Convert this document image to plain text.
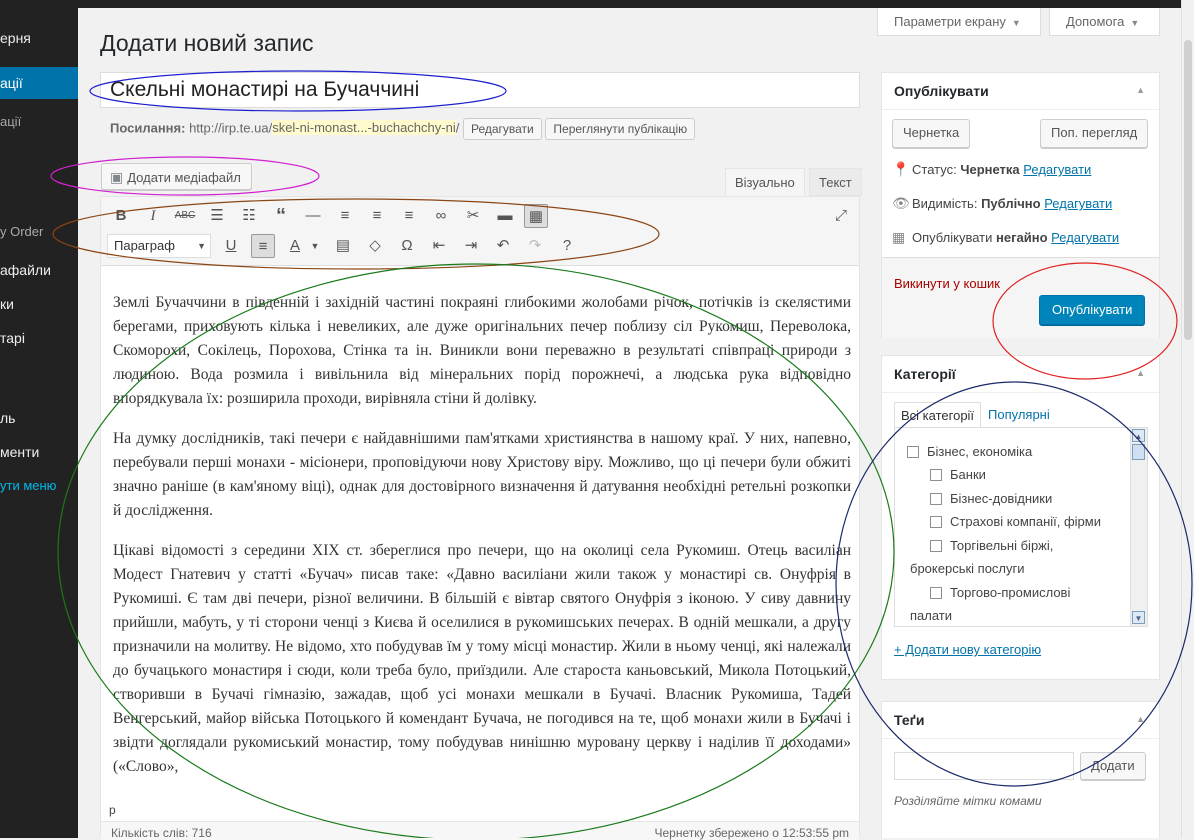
ерня
ації
ації
y Order
афайли
ки
тарі
ль
менти
ути меню
Параметри екрану ▼	Допомога ▼
Додати новий запис
Скельні монастирі на Бучаччині
Посилання: http://irp.te.ua/skel-ni-monast...-buchachchy-ni/ Редагувати Переглянути публікацію
▣ Додати медіафайл	Візуально	Текст
B	I	ABC ☰	☷	“	—	≡	≡	≡	∞	✂	▬	▦	⤢
Параграф ▼	U	≡	A	▼	▤	◇	Ω	⇤	⇥	↶	↷	?

Землі Бучаччини в південній і західній частині покраяні глибокими жолобами річок, потічків із скелястими берегами, приховують кілька і невеликих, але дуже оригінальних печер поблизу сіл Рукомиш, Переволока, Скоморохи, Сокілець, Порохова, Стінка та ін. Виникли вони переважно в результаті співпраці природи з людиною. Вода розмила і вивільнила від мінеральних порід порожнечі, а людська рука відповідно впорядкувала їх: розширила проходи, вирівняла стіни й долівку.

На думку дослідників, такі печери є найдавнішими пам'ятками християнства в нашому краї. У них, напевно, перебували перші монахи - місіонери, проповідуючи нову Христову віру. Можливо, що ці печери були обжиті значно раніше (в кам'яному віці), однак для достовірного визначення й датування необхідні ретельні розкопки й дослідження.

Цікаві відомості з середини XIX ст. збереглися про печери, що на околиці села Рукомиш. Отець василіан Модест Гнатевич у статті «Бучач» писав таке: «Давно василіани жили також у монастирі св. Онуфрія в Рукомиші. Є там дві печери, різної величини. В більшій є вівтар святого Онуфрія з іконою. У сиву давнину прийшли, мабуть, у ті сторони ченці з Києва й оселилися в рукомишських печерах. В одній мешкали, а другу призначили на молитву. Не відомо, хто побудував їм у тому місці монастир. Жили в ньому ченці, які належали до бучацького монастиря і сюди, коли треба було, приїздили. Але староста каньовський, Микола Потоцький, створивши в Бучачі гімназію, зажадав, щоб усі монахи мешкали в Бучачі. Власник Рукомиша, Тадей Венгерський, майор війська Потоцького й комендант Бучача, не погодився на те, щоб монахи жили в Бучачі і звідти доглядали рукомиський монастир, тому побудував нинішню муровану церкву і наділив її доходами» («Слово»,

p
Кількість слів: 716	Чернетку збережено о 12:53:55 pm
Опублікувати	▲
Чернетка	Поп. перегляд
📍 Статус: Чернетка Редагувати
👁 Видимість: Публічно Редагувати
▦ Опублікувати негайно Редагувати
Викинути у кошик
Опублікувати
Категорії	▲
Всі категорії	Популярні
Бізнес, економіка
Банки
Бізнес-довідники
Страхові компанії, фірми
Торгівельні біржі,
брокерські послуги
Торгово-промислові
палати
▲
▼
+ Додати нову категорію
Теґи	▲
Додати
Розділяйте мітки комами
